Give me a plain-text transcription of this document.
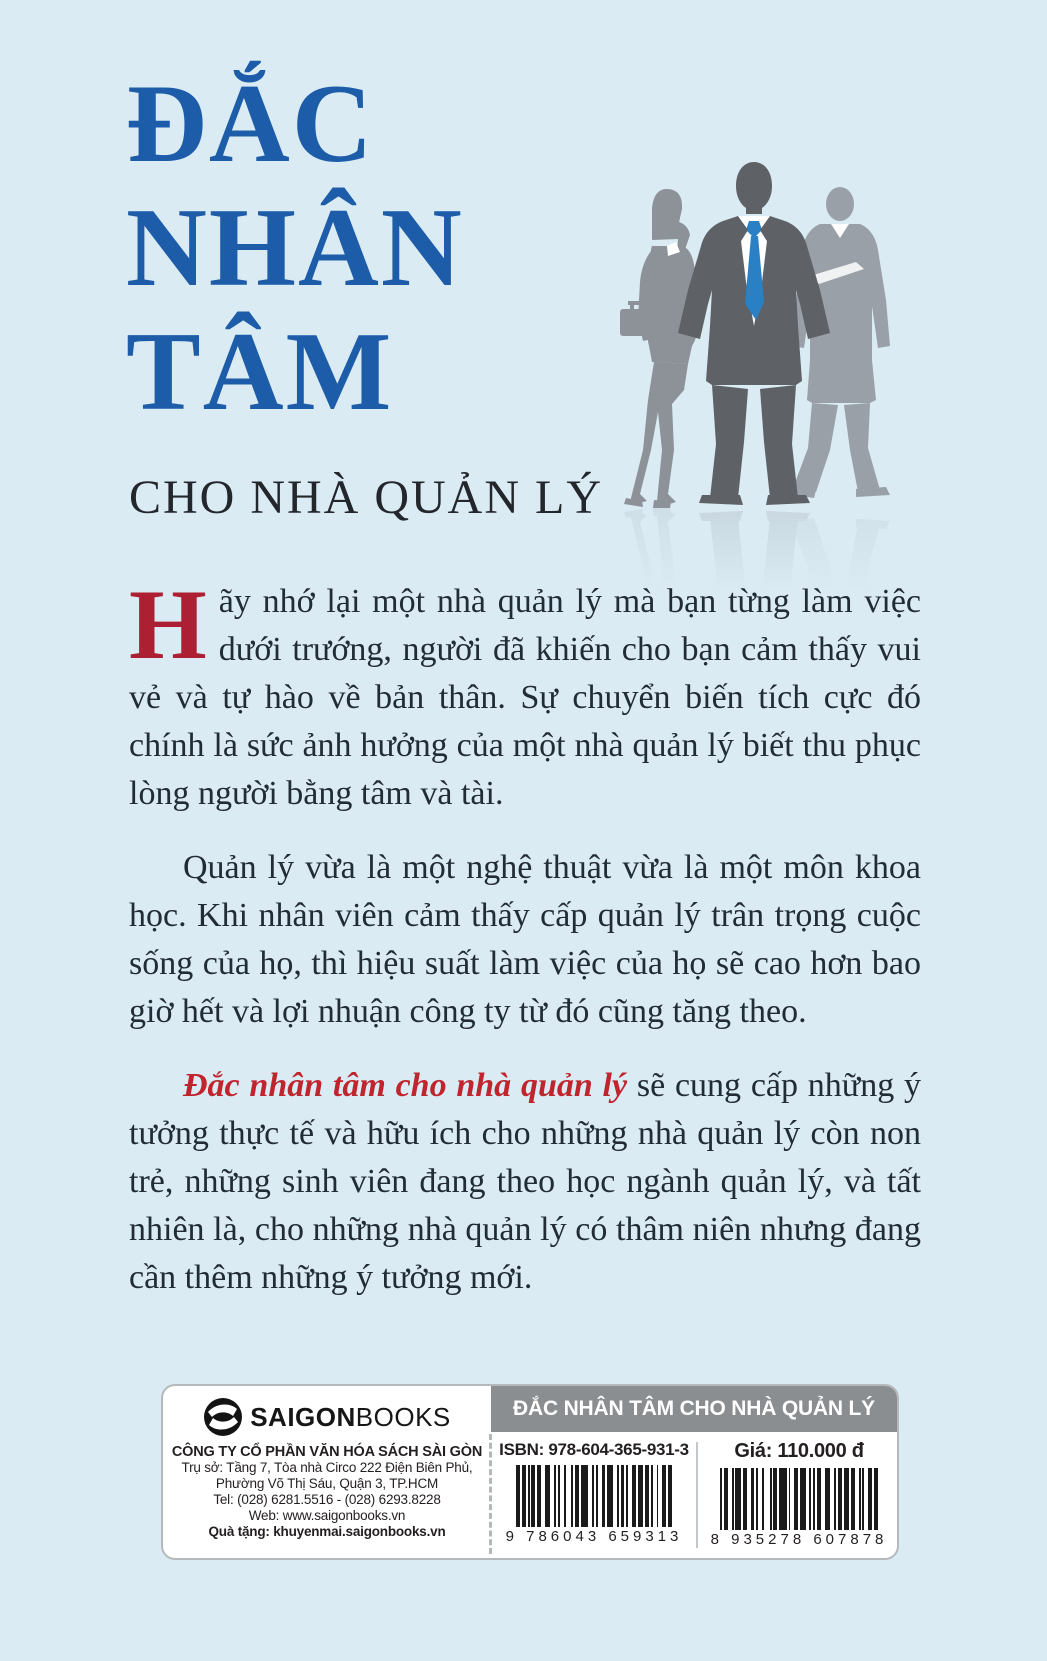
ĐẮC
NHÂN
TÂM
CHO NHÀ QUẢN LÝ

Hãy nhớ lại một nhà quản lý mà bạn từng làm việc dưới trướng, người đã khiến cho bạn cảm thấy vui vẻ và tự hào về bản thân. Sự chuyển biến tích cực đó chính là sức ảnh hưởng của một nhà quản lý biết thu phục lòng người bằng tâm và tài.

Quản lý vừa là một nghệ thuật vừa là một môn khoa học. Khi nhân viên cảm thấy cấp quản lý trân trọng cuộc sống của họ, thì hiệu suất làm việc của họ sẽ cao hơn bao giờ hết và lợi nhuận công ty từ đó cũng tăng theo.

Đắc nhân tâm cho nhà quản lý sẽ cung cấp những ý tưởng thực tế và hữu ích cho những nhà quản lý còn non trẻ, những sinh viên đang theo học ngành quản lý, và tất nhiên là, cho những nhà quản lý có thâm niên nhưng đang cần thêm những ý tưởng mới.

SAIGONBOOKS
CÔNG TY CỔ PHẦN VĂN HÓA SÁCH SÀI GÒN
Trụ sở: Tầng 7, Tòa nhà Circo 222 Điện Biên Phủ,
Phường Võ Thị Sáu, Quận 3, TP.HCM
Tel: (028) 6281.5516 - (028) 6293.8228
Web: www.saigonbooks.vn
Quà tặng: khuyenmai.saigonbooks.vn
ĐẮC NHÂN TÂM CHO NHÀ QUẢN LÝ
ISBN: 978-604-365-931-3
9 786043 659313
Giá: 110.000 đ
8 935278 607878
